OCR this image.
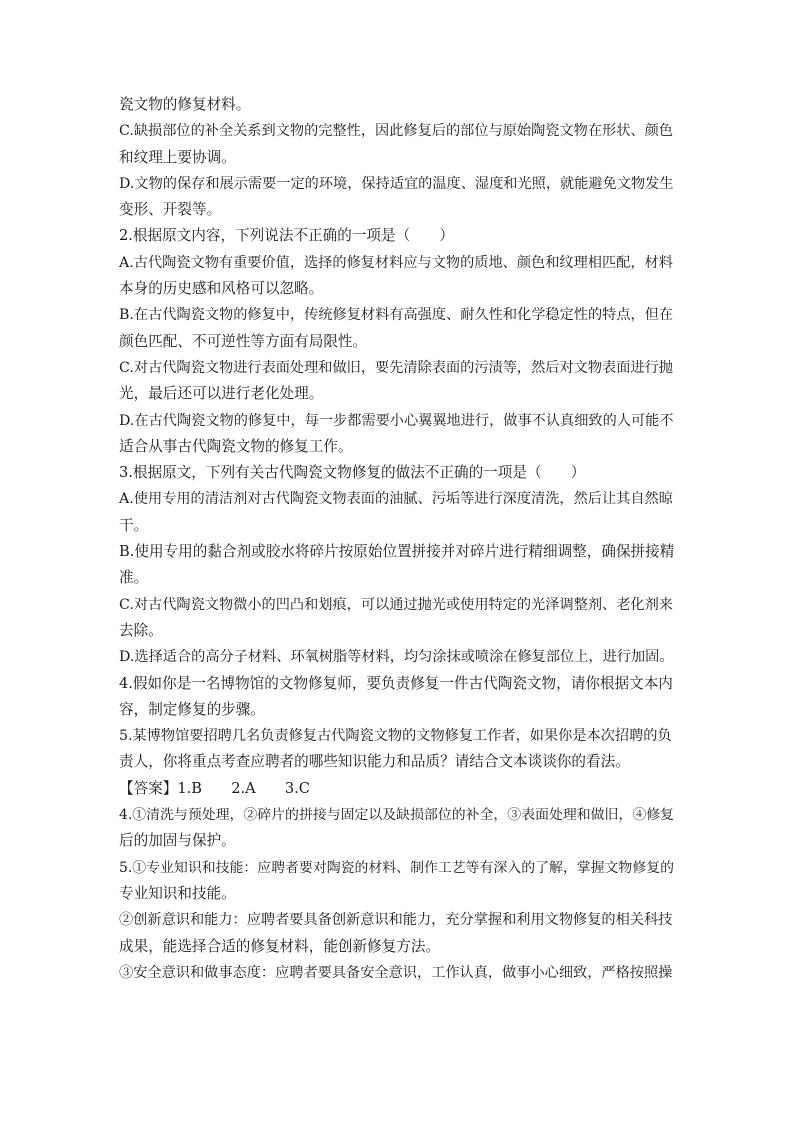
瓷文物的修复材料。
C.缺损部位的补全关系到文物的完整性，因此修复后的部位与原始陶瓷文物在形状、颜色
和纹理上要协调。
D.文物的保存和展示需要一定的环境，保持适宜的温度、湿度和光照，就能避免文物发生
变形、开裂等。
2.根据原文内容，下列说法不正确的一项是（　　）
A.古代陶瓷文物有重要价值，选择的修复材料应与文物的质地、颜色和纹理相匹配，材料
本身的历史感和风格可以忽略。
B.在古代陶瓷文物的修复中，传统修复材料有高强度、耐久性和化学稳定性的特点，但在
颜色匹配、不可逆性等方面有局限性。
C.对古代陶瓷文物进行表面处理和做旧，要先清除表面的污渍等，然后对文物表面进行抛
光，最后还可以进行老化处理。
D.在古代陶瓷文物的修复中，每一步都需要小心翼翼地进行，做事不认真细致的人可能不
适合从事古代陶瓷文物的修复工作。
3.根据原文，下列有关古代陶瓷文物修复的做法不正确的一项是（　　）
A.使用专用的清洁剂对古代陶瓷文物表面的油腻、污垢等进行深度清洗，然后让其自然晾
干。
B.使用专用的黏合剂或胶水将碎片按原始位置拼接并对碎片进行精细调整，确保拼接精
准。
C.对古代陶瓷文物微小的凹凸和划痕，可以通过抛光或使用特定的光泽调整剂、老化剂来
去除。
D.选择适合的高分子材料、环氧树脂等材料，均匀涂抹或喷涂在修复部位上，进行加固。
4.假如你是一名博物馆的文物修复师，要负责修复一件古代陶瓷文物，请你根据文本内
容，制定修复的步骤。
5.某博物馆要招聘几名负责修复古代陶瓷文物的文物修复工作者，如果你是本次招聘的负
责人，你将重点考查应聘者的哪些知识能力和品质？请结合文本谈谈你的看法。
【答案】1.B　　2.A　　3.C
4.①清洗与预处理，②碎片的拼接与固定以及缺损部位的补全，③表面处理和做旧，④修复
后的加固与保护。
5.①专业知识和技能：应聘者要对陶瓷的材料、制作工艺等有深入的了解，掌握文物修复的
专业知识和技能。
②创新意识和能力：应聘者要具备创新意识和能力，充分掌握和利用文物修复的相关科技
成果，能选择合适的修复材料，能创新修复方法。
③安全意识和做事态度：应聘者要具备安全意识，工作认真，做事小心细致，严格按照操
